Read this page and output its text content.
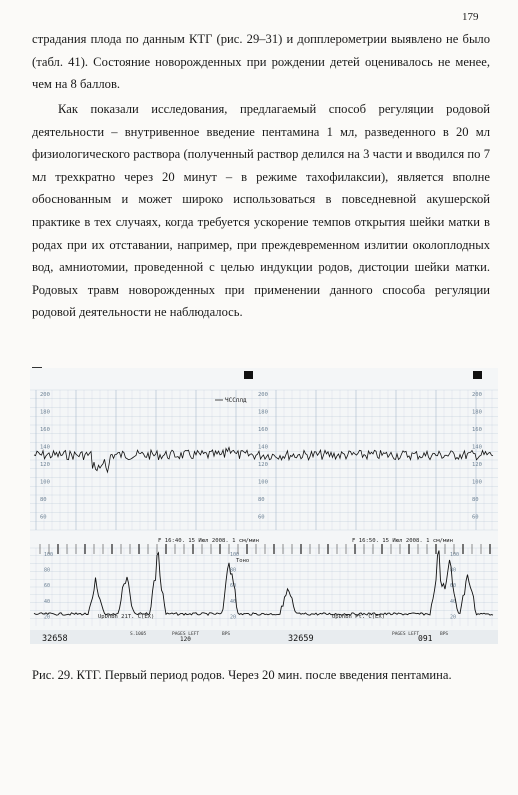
179

страдания плода по данным КТГ (рис. 29–31) и допплерометрии выявлено не было (табл. 41). Состояние новорожденных при рождении детей оценивалось не менее, чем на 8 баллов.

Как показали исследования, предлагаемый способ регуляции родовой деятельности – внутривенное введение пентамина 1 мл, разведенного в 20 мл физиологического раствора (полученный раствор делился на 3 части и вводился по 7 мл трехкратно через 20 минут – в режиме тахофилаксии), является вполне обоснованным и может широко использоваться в повседневной акушерской практике в тех случаях, когда требуется ускорение темпов открытия шейки матки в родах при их отставании, например, при преждевременном излитии околоплодных вод, амниотомии, проведенной с целью индукции родов, дистоции шейки матки. Родовых травм новорожденных при применении данного способа регуляции родовой деятельности не наблюдалось.

200	200	200
180	180	180
160	160	160
140	140	140
120	120	120
100	100	100
80	80	80
60	60	60
100	100	100
80	80	80
60	60	60
40	40	40
20	20	20
ЧССплд
F 16:40. 15 Июл 2008. 1 см/мин	F 16:50. 15 Июл 2008. 1 см/мин
Тоно
UpDnBn 21T. C(EX)	UpDnBn Pt. C(EX)
32658	S.1005	PAGES LEFT	BPS
120	32659	PAGES LEFT	BPS
091

Рис. 29. КТГ. Первый период родов. Через 20 мин. после введения пентамина.
